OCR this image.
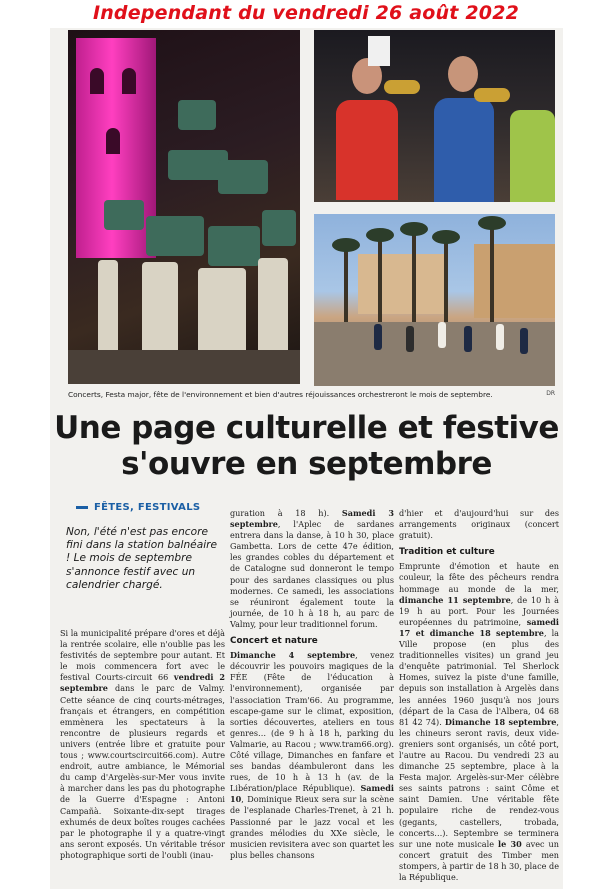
Independant du vendredi 26 août 2022
Concerts, Festa major, fête de l'environnement et bien d'autres réjouissances orchestreront le mois de septembre.	DR
Une page culturelle et festive
s'ouvre en septembre
FÊTES, FESTIVALS
Non, l'été n'est pas encore fini dans la station balnéaire ! Le mois de septembre s'annonce festif avec un calendrier chargé.

Si la municipalité prépare d'ores et déjà la rentrée scolaire, elle n'oublie pas les festivités de septembre pour autant. Et le mois commencera fort avec le festival Courts-circuit 66 vendredi 2 septembre dans le parc de Valmy. Cette séance de cinq courts-métrages, français et étrangers, en compétition emmènera les spectateurs à la rencontre de plusieurs regards et univers (entrée libre et gratuite pour tous ; www.courtscircuit66.com). Autre endroit, autre ambiance, le Mémorial du camp d'Argelès-sur-Mer vous invite à marcher dans les pas du photographe de la Guerre d'Espagne : Antoni Campañà. Soixante-dix-sept tirages exhumés de deux boîtes rouges cachées par le photographe il y a quatre-vingt ans seront exposés. Un véritable trésor photographique sorti de l'oubli (inau-

guration à 18 h). Samedi 3 septembre, l'Aplec de sardanes entrera dans la danse, à 10 h 30, place Gambetta. Lors de cette 47e édition, les grandes cobles du département et de Catalogne sud donneront le tempo pour des sardanes classiques ou plus modernes. Ce samedi, les associations se réuniront également toute la journée, de 10 h à 18 h, au parc de Valmy, pour leur traditionnel forum.

Concert et nature

Dimanche 4 septembre, venez découvrir les pouvoirs magiques de la FÉE (Fête de l'éducation à l'environnement), organisée par l'association Tram'66. Au programme, escape-game sur le climat, exposition, sorties découvertes, ateliers en tous genres… (de 9 h à 18 h, parking du Valmarie, au Racou ; www.tram66.org). Côté village, Dimanches en fanfare et ses bandas déambuleront dans les rues, de 10 h à 13 h (av. de la Libération/place République). Samedi 10, Dominique Rieux sera sur la scène de l'esplanade Charles-Trenet, à 21 h. Passionné par le jazz vocal et les grandes mélodies du XXe siècle, le musicien revisitera avec son quartet les plus belles chansons

d'hier et d'aujourd'hui sur des arrangements originaux (concert gratuit).

Tradition et culture

Emprunte d'émotion et haute en couleur, la fête des pêcheurs rendra hommage au monde de la mer, dimanche 11 septembre, de 10 h à 19 h au port. Pour les Journées européennes du patrimoine, samedi 17 et dimanche 18 septembre, la Ville propose (en plus des traditionnelles visites) un grand jeu d'enquête patrimonial. Tel Sherlock Homes, suivez la piste d'une famille, depuis son installation à Argelès dans les années 1960 jusqu'à nos jours (départ de la Casa de l'Albera, 04 68 81 42 74). Dimanche 18 septembre, les chineurs seront ravis, deux vide-greniers sont organisés, un côté port, l'autre au Racou. Du vendredi 23 au dimanche 25 septembre, place à la Festa major. Argelès-sur-Mer célèbre ses saints patrons : saint Côme et saint Damien. Une véritable fête populaire riche de rendez-vous (gegants, castellers, trobada, concerts…). Septembre se terminera sur une note musicale le 30 avec un concert gratuit des Timber men stompers, à partir de 18 h 30, place de la République.
